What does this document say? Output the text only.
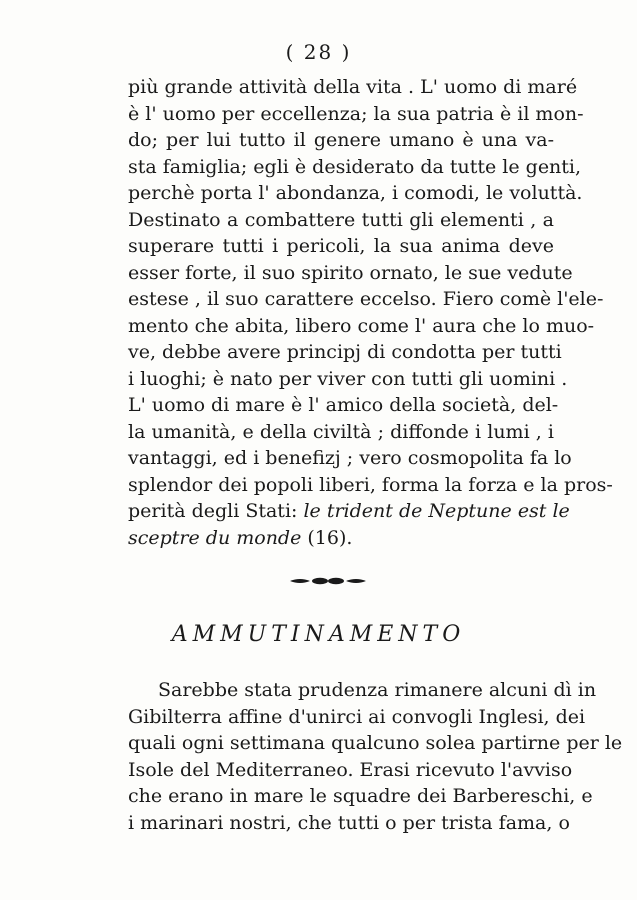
( 28 )
più grande attività della vita . L' uomo di maré
è l' uomo per eccellenza; la sua patria è il mon-
do; per lui tutto il genere umano è una va-
sta famiglia; egli è desiderato da tutte le genti,
perchè porta l' abondanza, i comodi, le voluttà.
Destinato a combattere tutti gli elementi , a
superare tutti i pericoli, la sua anima deve
esser forte, il suo spirito ornato, le sue vedute
estese , il suo carattere eccelso. Fiero comè l'ele-
mento che abita, libero come l' aura che lo muo-
ve, debbe avere principj di condotta per tutti
i luoghi; è nato per viver con tutti gli uomini .
L' uomo di mare è l' amico della società, del-
la umanità, e della civiltà ; diffonde i lumi , i
vantaggi, ed i benefizj ; vero cosmopolita fa lo
splendor dei popoli liberi, forma la forza e la pros-
perità degli Stati: le trident de Neptune est le
sceptre du monde (16).
AMMUTINAMENTO
Sarebbe stata prudenza rimanere alcuni dì in
Gibilterra affine d'unirci ai convogli Inglesi, dei
quali ogni settimana qualcuno solea partirne per le
Isole del Mediterraneo. Erasi ricevuto l'avviso
che erano in mare le squadre dei Barbereschi, e
i marinari nostri, che tutti o per trista fama, o
